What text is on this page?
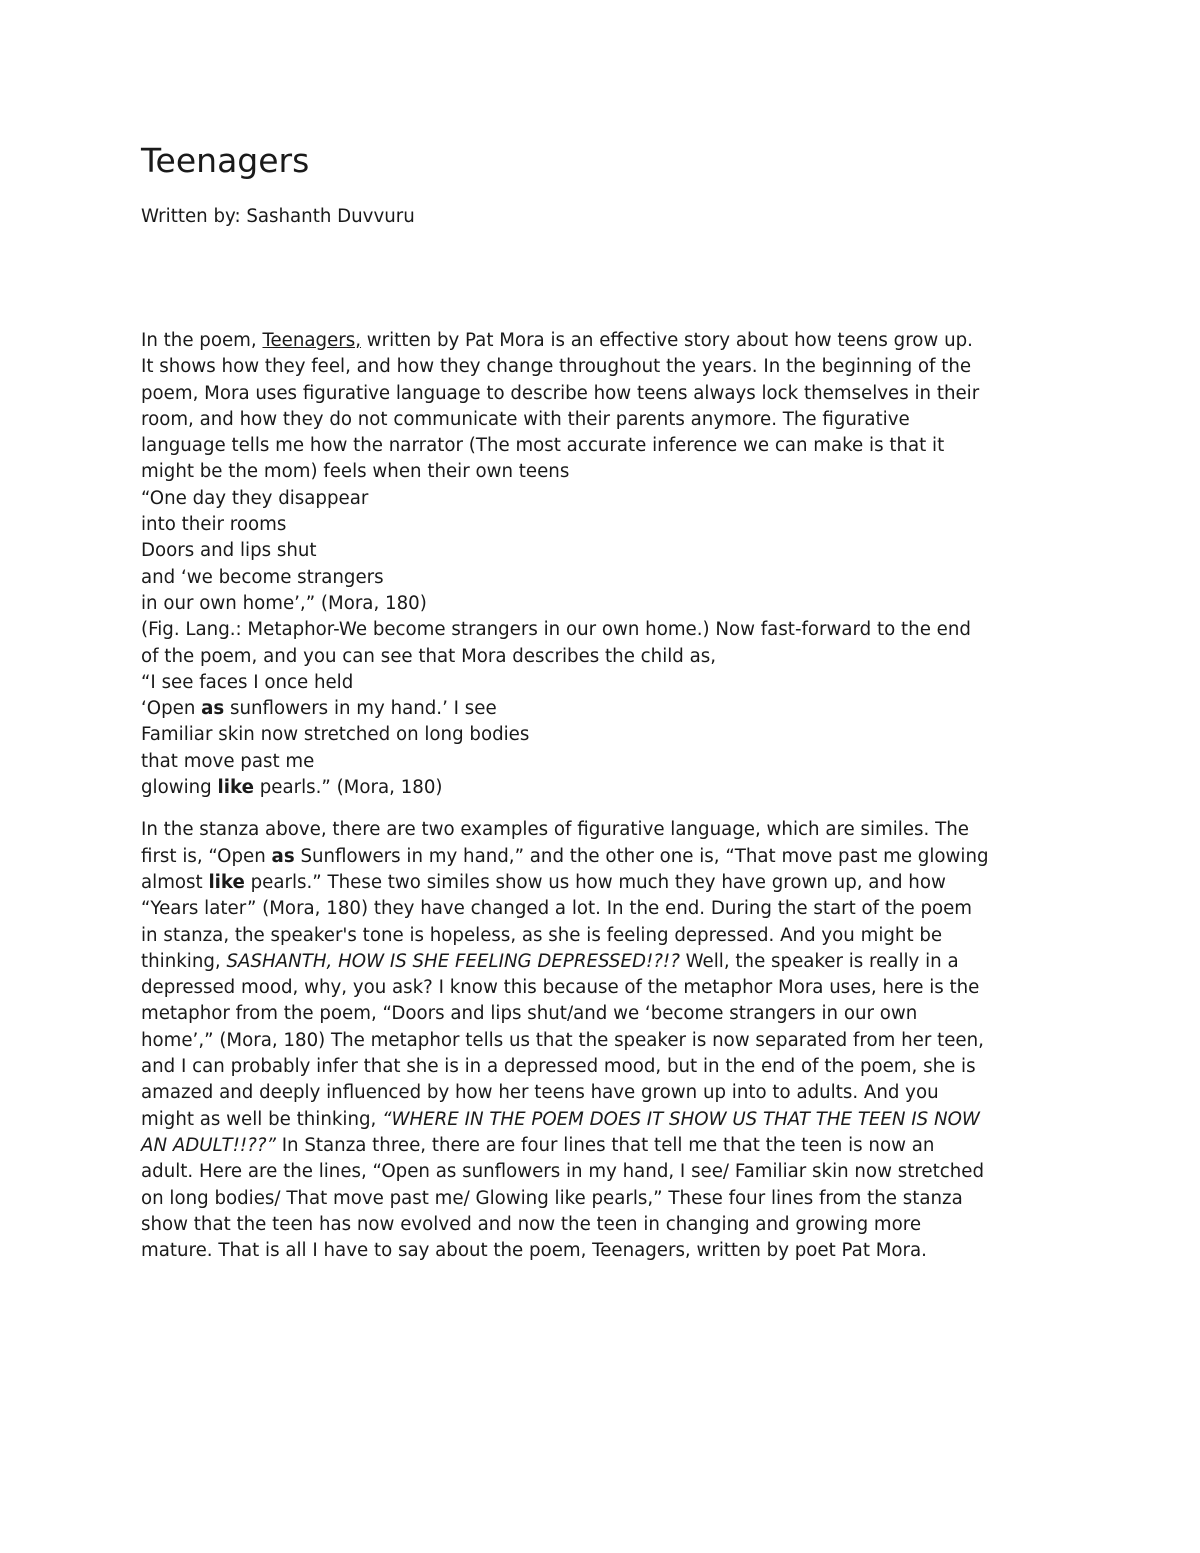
Teenagers

Written by: Sashanth Duvvuru

In the poem, Teenagers, written by Pat Mora is an effective story about how teens grow up.
It shows how they feel, and how they change throughout the years. In the beginning of the
poem, Mora uses figurative language to describe how teens always lock themselves in their
room, and how they do not communicate with their parents anymore. The figurative
language tells me how the narrator (The most accurate inference we can make is that it
might be the mom) feels when their own teens
“One day they disappear
into their rooms
Doors and lips shut
and ‘we become strangers
in our own home’,” (Mora, 180)
(Fig. Lang.: Metaphor-We become strangers in our own home.) Now fast-forward to the end
of the poem, and you can see that Mora describes the child as,
“I see faces I once held
‘Open as sunflowers in my hand.’ I see
Familiar skin now stretched on long bodies
that move past me
glowing like pearls.” (Mora, 180)
In the stanza above, there are two examples of figurative language, which are similes. The
first is, “Open as Sunflowers in my hand,” and the other one is, “That move past me glowing
almost like pearls.” These two similes show us how much they have grown up, and how
“Years later” (Mora, 180) they have changed a lot. In the end. During the start of the poem
in stanza, the speaker's tone is hopeless, as she is feeling depressed. And you might be
thinking, SASHANTH, HOW IS SHE FEELING DEPRESSED!?!? Well, the speaker is really in a
depressed mood, why, you ask? I know this because of the metaphor Mora uses, here is the
metaphor from the poem, “Doors and lips shut/and we ‘become strangers in our own
home’,” (Mora, 180) The metaphor tells us that the speaker is now separated from her teen,
and I can probably infer that she is in a depressed mood, but in the end of the poem, she is
amazed and deeply influenced by how her teens have grown up into to adults. And you
might as well be thinking, “WHERE IN THE POEM DOES IT SHOW US THAT THE TEEN IS NOW
AN ADULT!!??” In Stanza three, there are four lines that tell me that the teen is now an
adult. Here are the lines, “Open as sunflowers in my hand, I see/ Familiar skin now stretched
on long bodies/ That move past me/ Glowing like pearls,” These four lines from the stanza
show that the teen has now evolved and now the teen in changing and growing more
mature. That is all I have to say about the poem, Teenagers, written by poet Pat Mora.
